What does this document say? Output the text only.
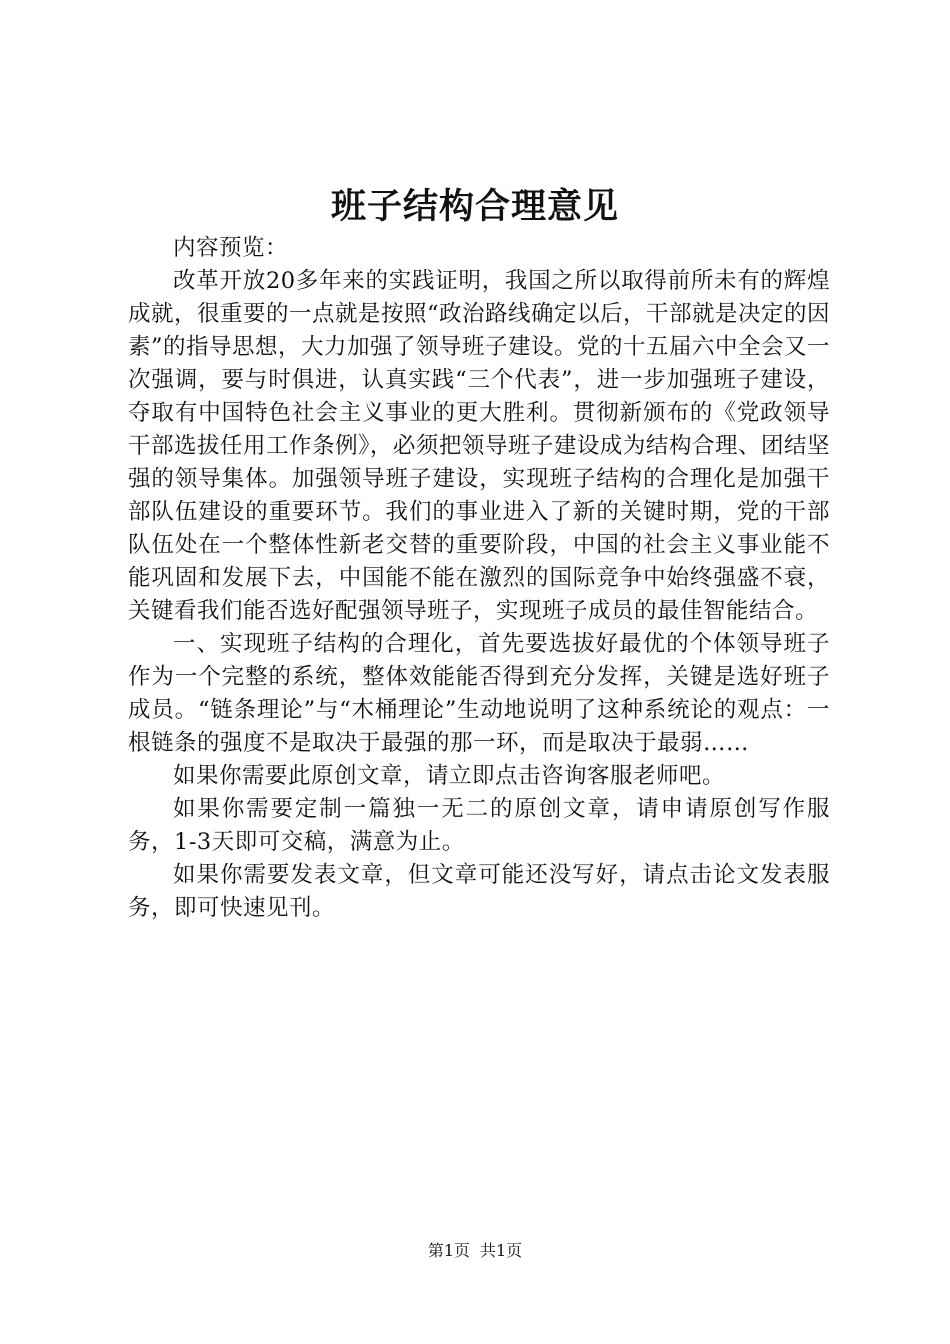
班子结构合理意见

内容预览：

改革开放20多年来的实践证明，我国之所以取得前所未有的辉煌成就，很重要的一点就是按照“政治路线确定以后，干部就是决定的因素”的指导思想，大力加强了领导班子建设。党的十五届六中全会又一次强调，要与时俱进，认真实践“三个代表”，进一步加强班子建设，夺取有中国特色社会主义事业的更大胜利。贯彻新颁布的《党政领导干部选拔任用工作条例》，必须把领导班子建设成为结构合理、团结坚强的领导集体。加强领导班子建设，实现班子结构的合理化是加强干部队伍建设的重要环节。我们的事业进入了新的关键时期，党的干部队伍处在一个整体性新老交替的重要阶段，中国的社会主义事业能不能巩固和发展下去，中国能不能在激烈的国际竞争中始终强盛不衰，关键看我们能否选好配强领导班子，实现班子成员的最佳智能结合。

一、实现班子结构的合理化，首先要选拔好最优的个体领导班子作为一个完整的系统，整体效能能否得到充分发挥，关键是选好班子成员。“链条理论”与“木桶理论”生动地说明了这种系统论的观点：一根链条的强度不是取决于最强的那一环，而是取决于最弱……

如果你需要此原创文章，请立即点击咨询客服老师吧。

如果你需要定制一篇独一无二的原创文章，请申请原创写作服务，1-3天即可交稿，满意为止。

如果你需要发表文章，但文章可能还没写好，请点击论文发表服务，即可快速见刊。

第1页 共1页
